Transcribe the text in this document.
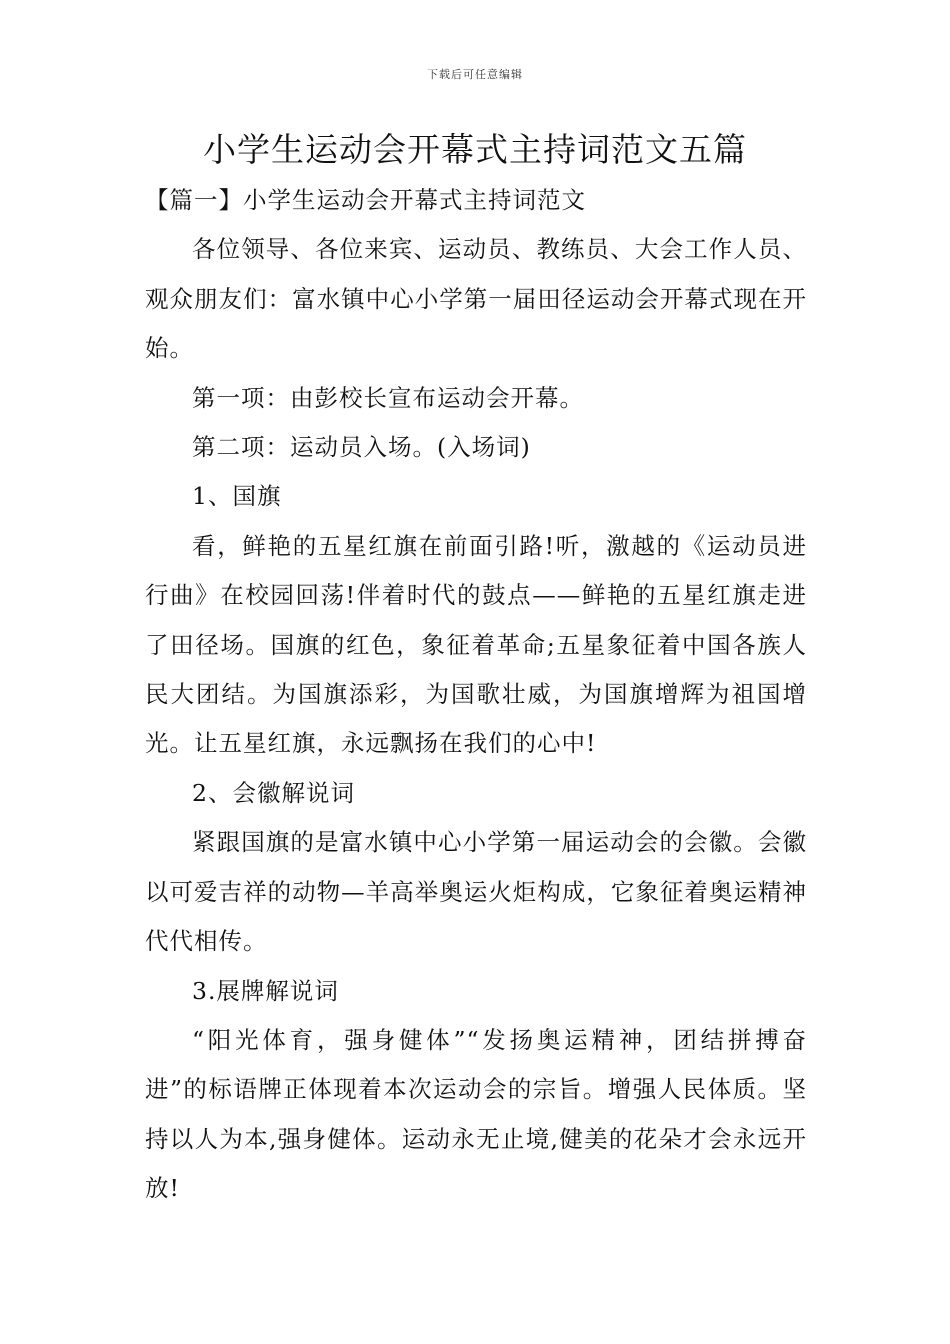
下载后可任意编辑
小学生运动会开幕式主持词范文五篇

【篇一】小学生运动会开幕式主持词范文

各位领导、各位来宾、运动员、教练员、大会工作人员、观众朋友们：富水镇中心小学第一届田径运动会开幕式现在开始。

第一项：由彭校长宣布运动会开幕。

第二项：运动员入场。(入场词)

1、国旗

看，鲜艳的五星红旗在前面引路!听，激越的《运动员进行曲》在校园回荡!伴着时代的鼓点——鲜艳的五星红旗走进了田径场。国旗的红色，象征着革命;五星象征着中国各族人民大团结。为国旗添彩，为国歌壮威，为国旗增辉为祖国增光。让五星红旗，永远飘扬在我们的心中!

2、会徽解说词

紧跟国旗的是富水镇中心小学第一届运动会的会徽。会徽以可爱吉祥的动物—羊高举奥运火炬构成，它象征着奥运精神代代相传。

3.展牌解说词

“阳光体育，强身健体”“发扬奥运精神，团结拼搏奋进”的标语牌正体现着本次运动会的宗旨。增强人民体质。坚持以人为本,强身健体。运动永无止境,健美的花朵才会永远开放!
